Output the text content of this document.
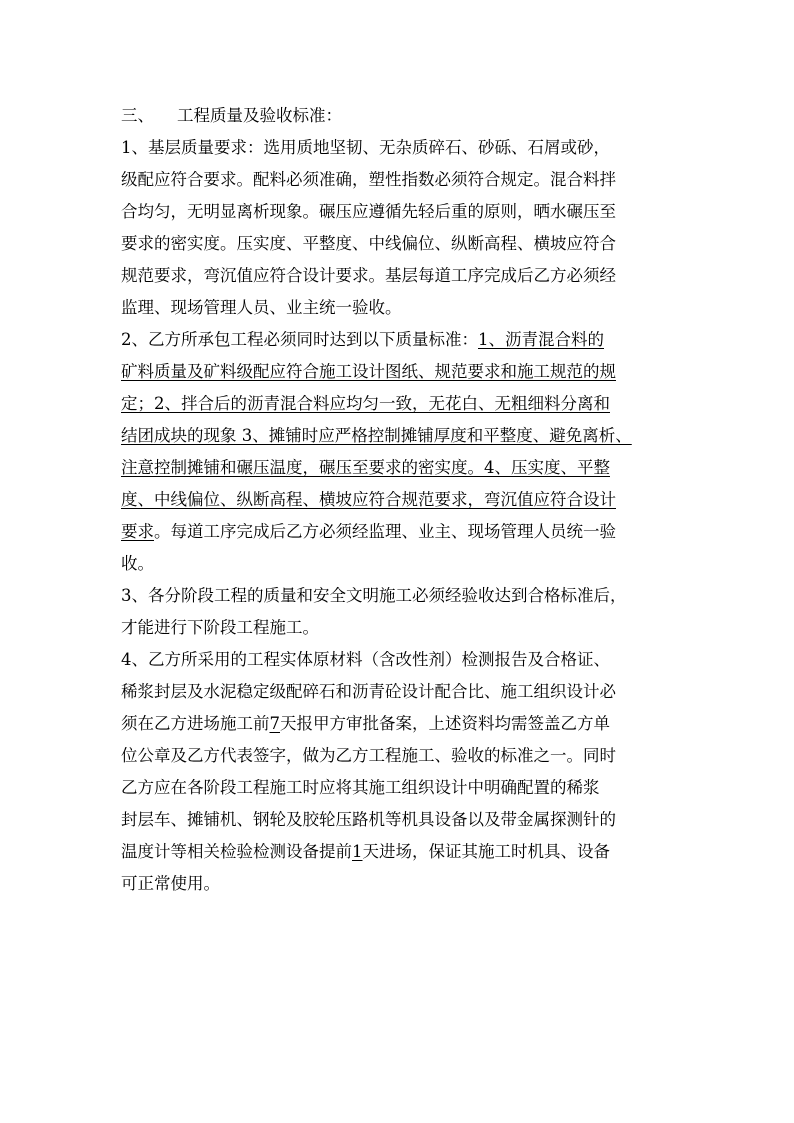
三、 工程质量及验收标准：
1、基层质量要求：选用质地坚韧、无杂质碎石、砂砾、石屑或砂，
级配应符合要求。配料必须准确，塑性指数必须符合规定。混合料拌
合均匀，无明显离析现象。碾压应遵循先轻后重的原则，晒水碾压至
要求的密实度。压实度、平整度、中线偏位、纵断高程、横坡应符合
规范要求，弯沉值应符合设计要求。基层每道工序完成后乙方必须经
监理、现场管理人员、业主统一验收。
2、乙方所承包工程必须同时达到以下质量标准：1、沥青混合料的
矿料质量及矿料级配应符合施工设计图纸、规范要求和施工规范的规
定；2、拌合后的沥青混合料应均匀一致，无花白、无粗细料分离和
结团成块的现象 3、摊铺时应严格控制摊铺厚度和平整度、避免离析、
注意控制摊铺和碾压温度，碾压至要求的密实度。4、压实度、平整
度、中线偏位、纵断高程、横坡应符合规范要求，弯沉值应符合设计
要求。每道工序完成后乙方必须经监理、业主、现场管理人员统一验
收。
3、各分阶段工程的质量和安全文明施工必须经验收达到合格标准后，
才能进行下阶段工程施工。
4、乙方所采用的工程实体原材料（含改性剂）检测报告及合格证、
稀浆封层及水泥稳定级配碎石和沥青砼设计配合比、施工组织设计必
须在乙方进场施工前7天报甲方审批备案，上述资料均需签盖乙方单
位公章及乙方代表签字，做为乙方工程施工、验收的标准之一。同时
乙方应在各阶段工程施工时应将其施工组织设计中明确配置的稀浆
封层车、摊铺机、钢轮及胶轮压路机等机具设备以及带金属探测针的
温度计等相关检验检测设备提前1天进场，保证其施工时机具、设备
可正常使用。
